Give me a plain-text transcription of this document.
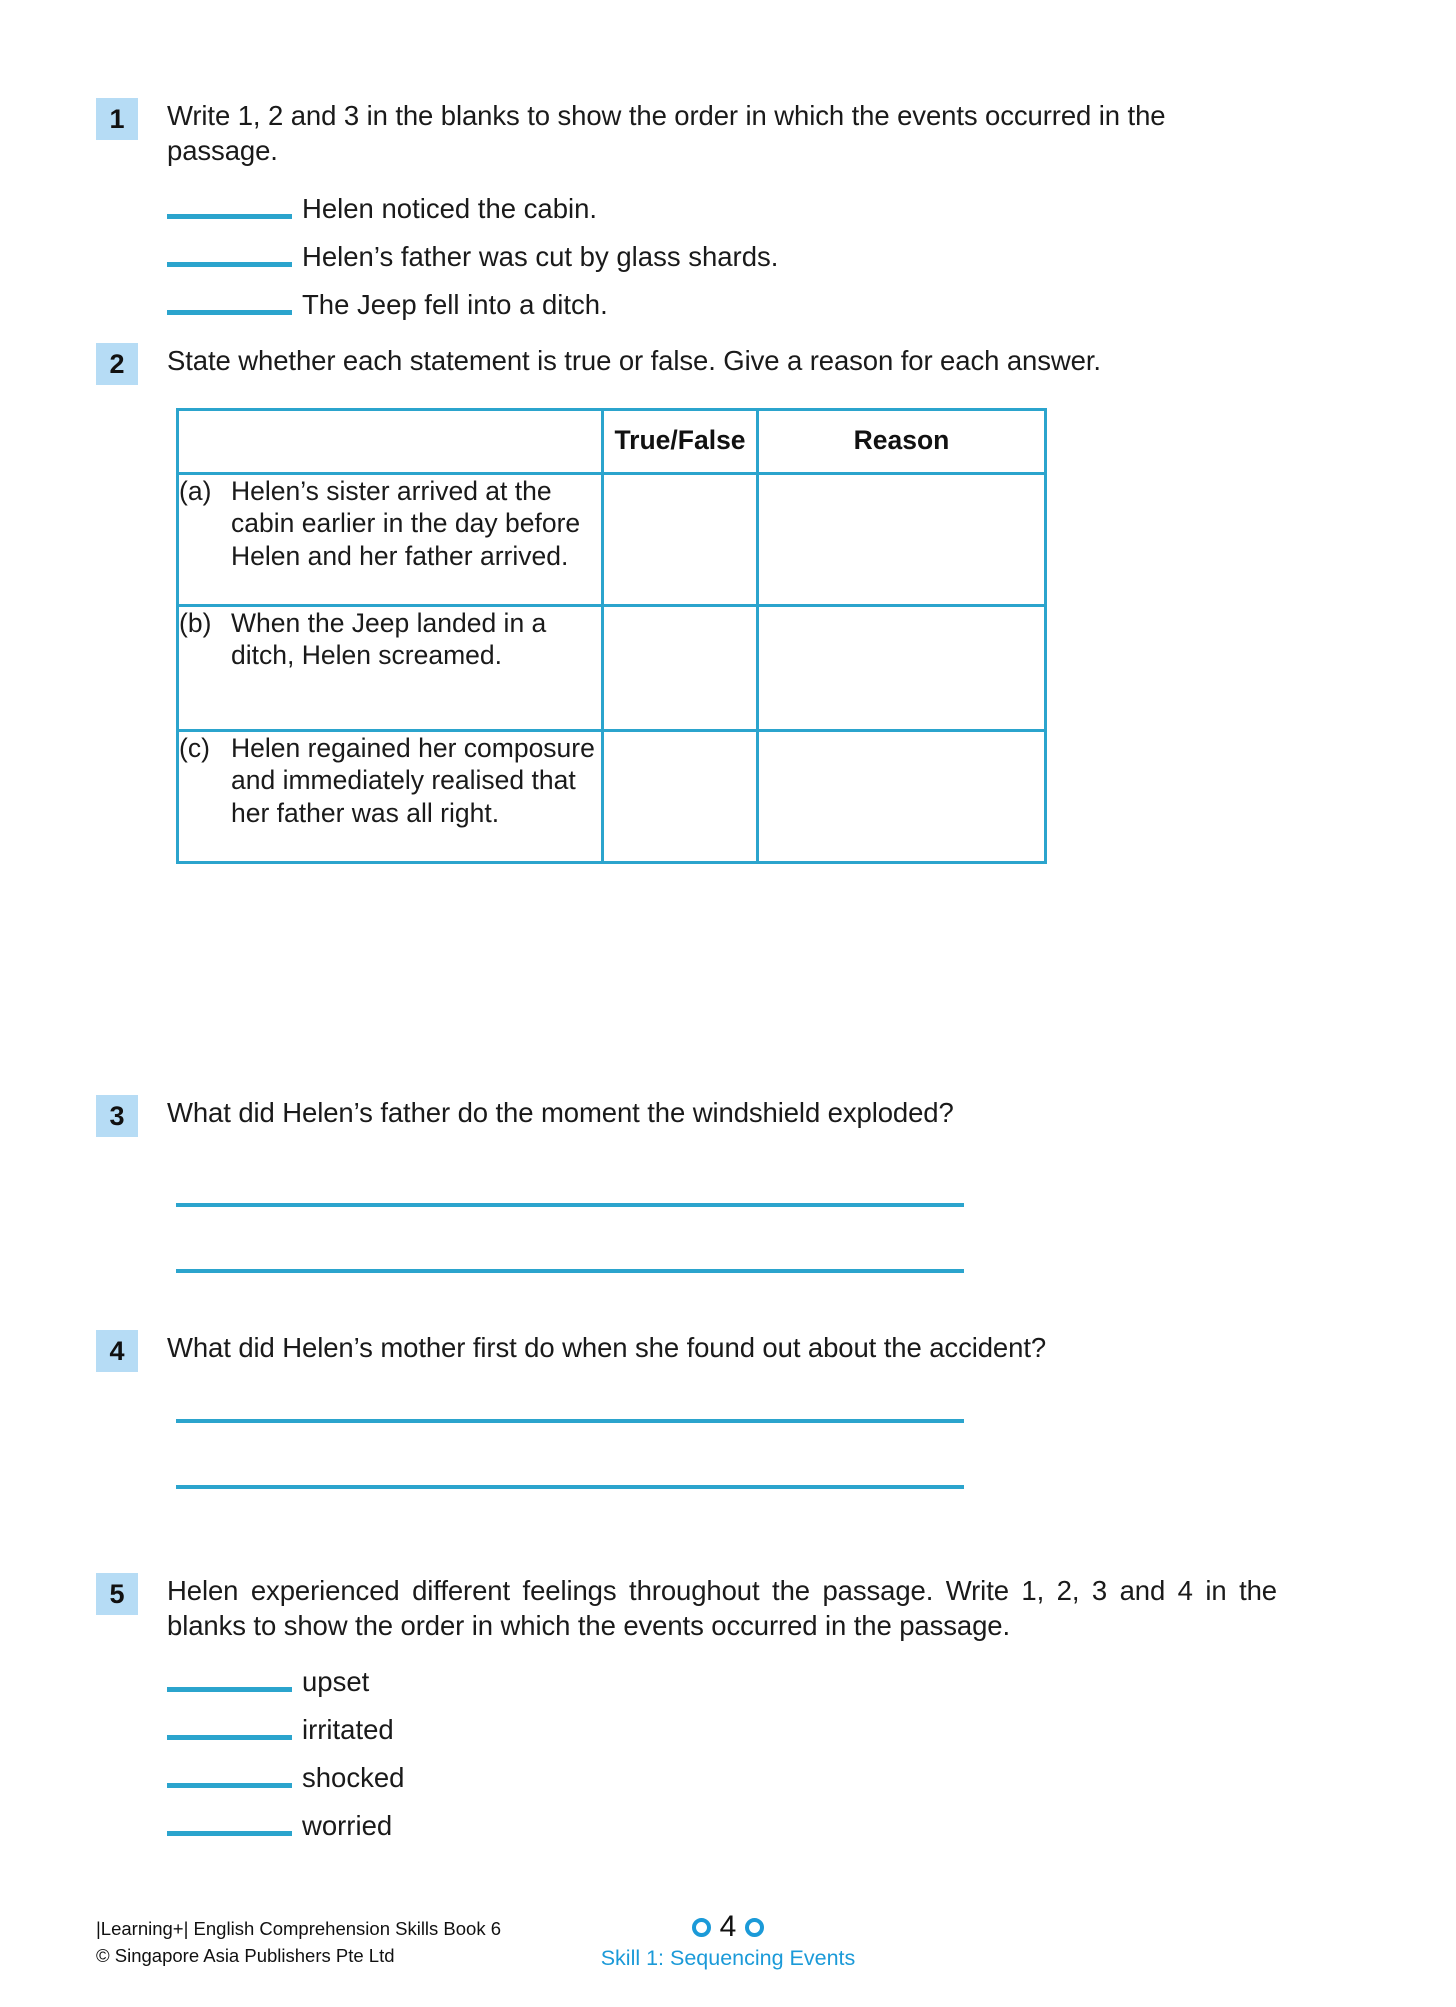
1	Write 1, 2 and 3 in the blanks to show the order in which the events occurred in the passage.
Helen noticed the cabin.
Helen’s father was cut by glass shards.
The Jeep fell into a ditch.
2	State whether each statement is true or false. Give a reason for each answer.
	True/False	Reason

(a) Helen’s sister arrived at the cabin earlier in the day before Helen and her father arrived.		

(b) When the Jeep landed in a ditch, Helen screamed.		

(c) Helen regained her composure and immediately realised that her father was all right.		

3	What did Helen’s father do the moment the windshield exploded?
4	What did Helen’s mother first do when she found out about the accident?
5	Helen experienced different feelings throughout the passage. Write 1, 2, 3 and 4 in the blanks to show the order in which the events occurred in the passage.
upset
irritated
shocked
worried
|Learning+| English Comprehension Skills Book 6
© Singapore Asia Publishers Pte Ltd
4
Skill 1: Sequencing Events
